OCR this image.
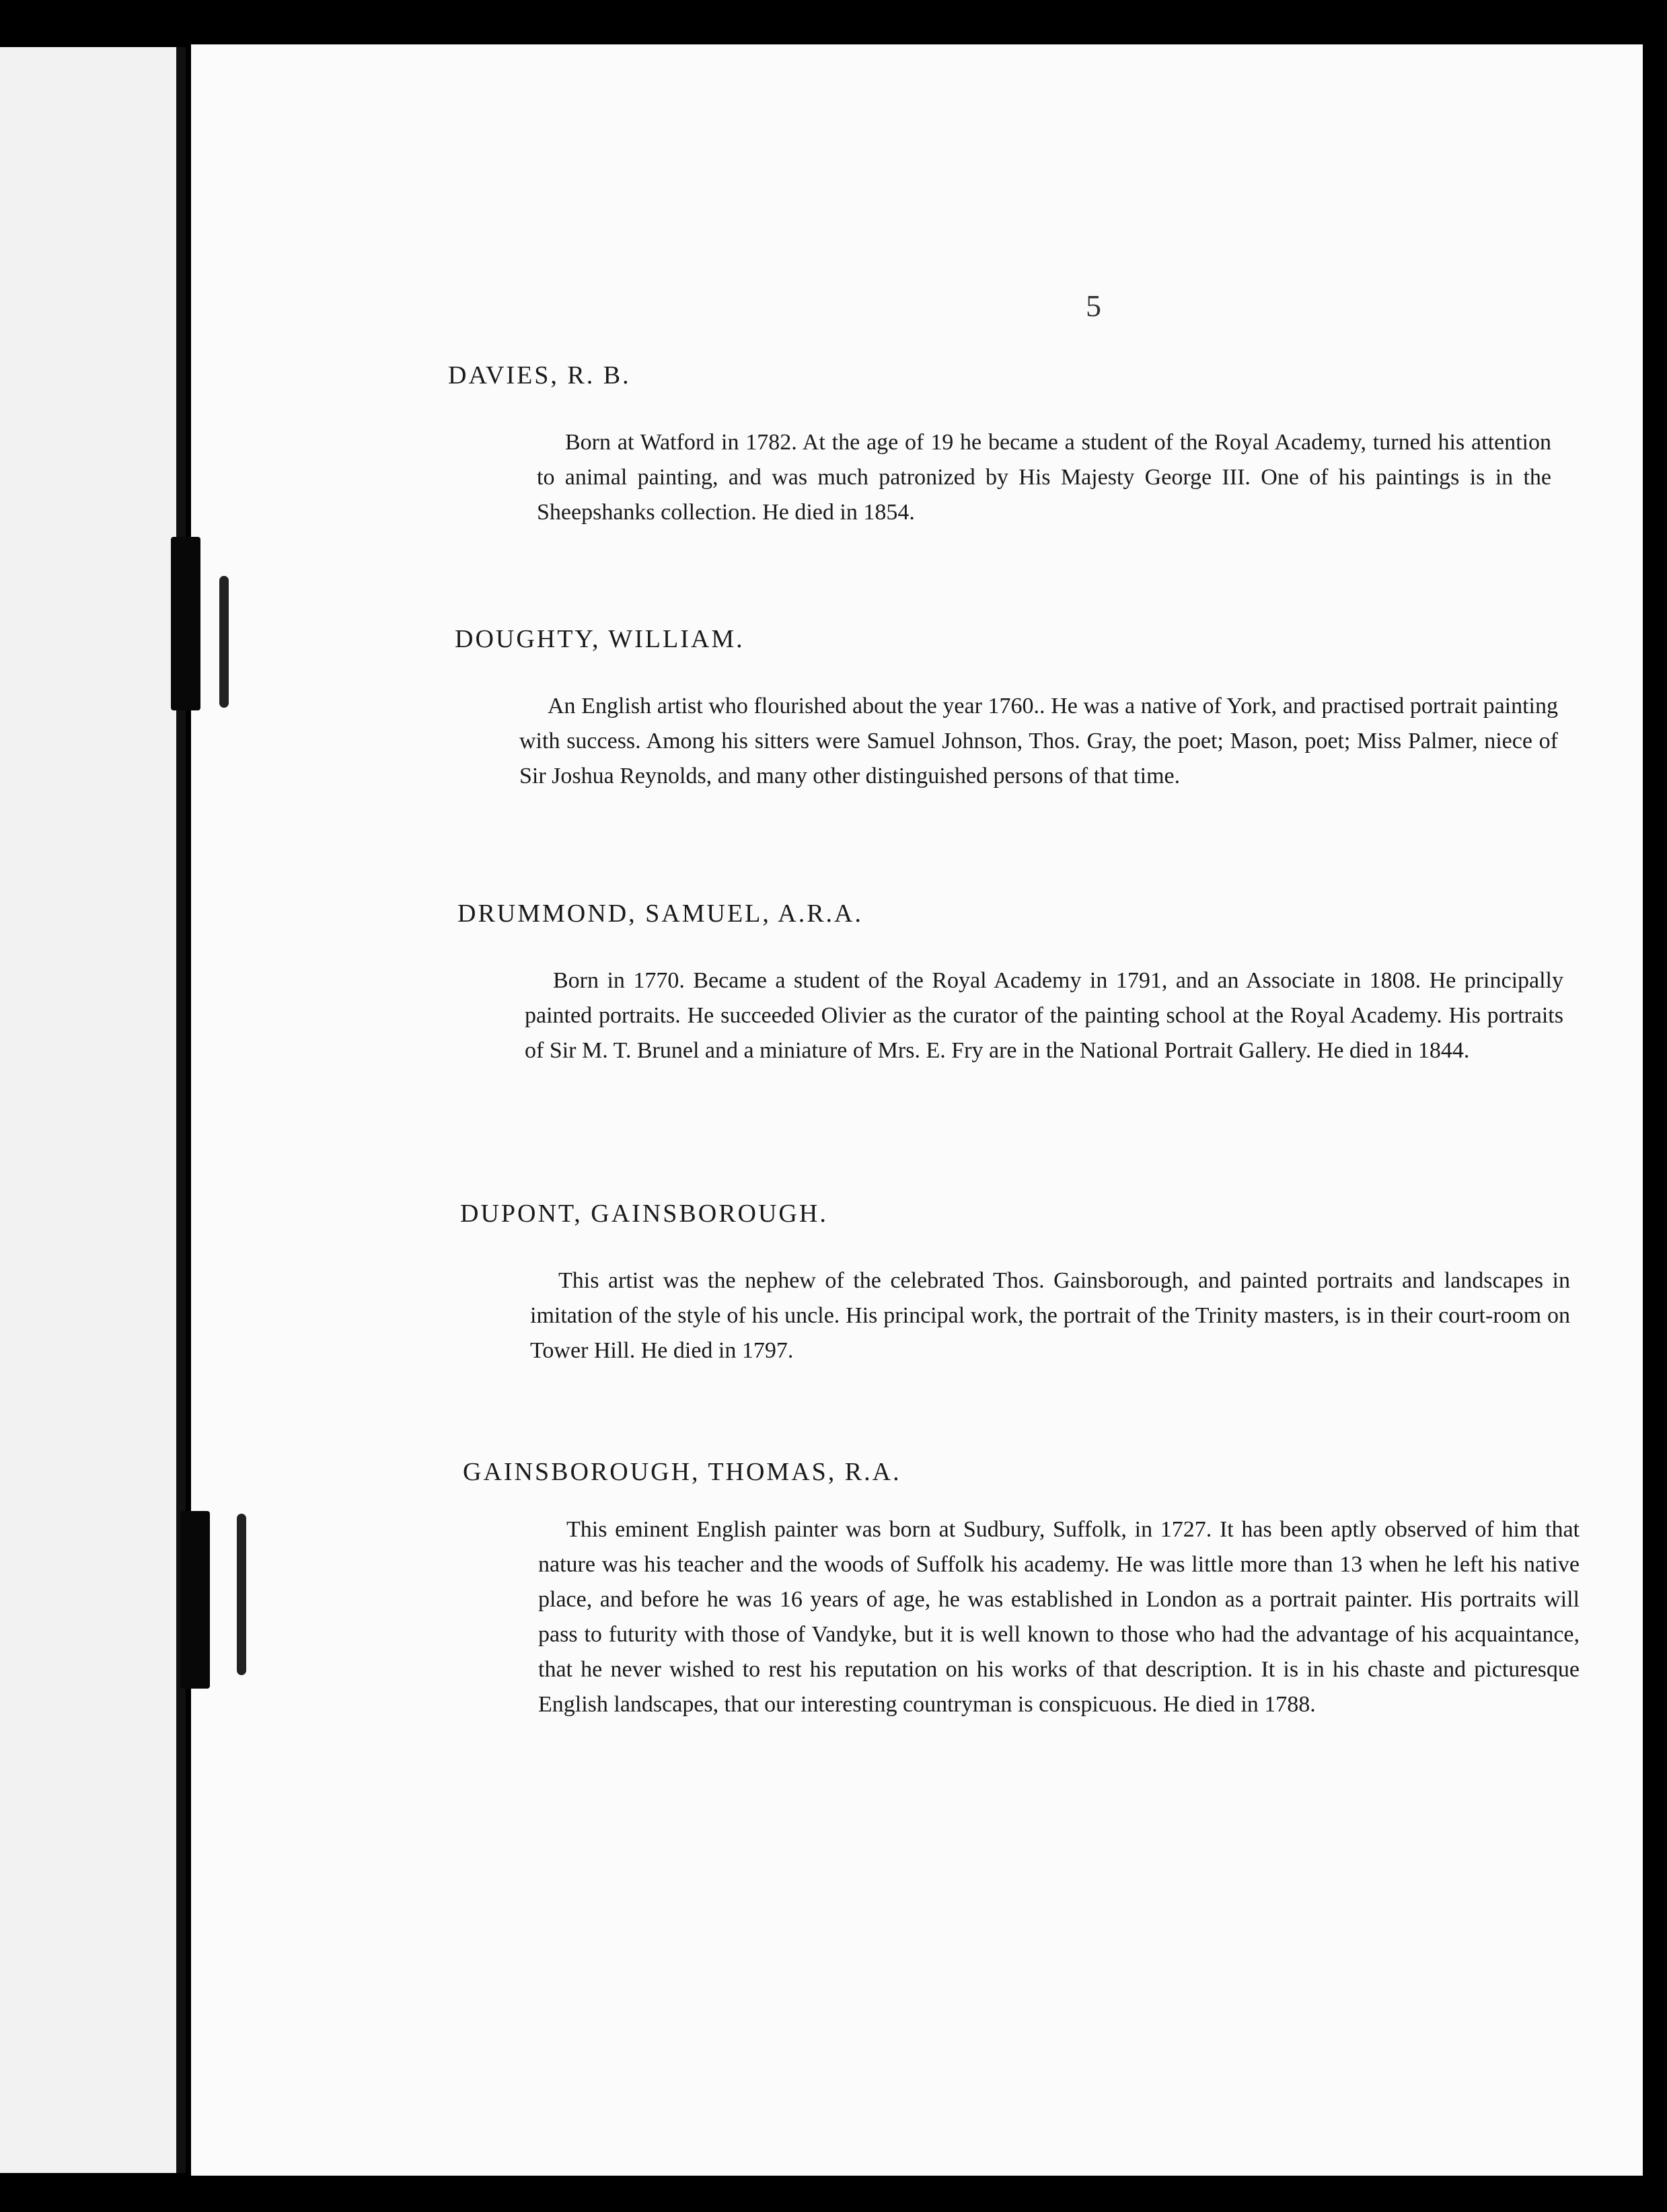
5
DAVIES, R. B.

Born at Watford in 1782. At the age of 19 he became a student of the Royal Academy, turned his attention to animal painting, and was much patronized by His Majesty George III. One of his paintings is in the Sheepshanks collection. He died in 1854.

DOUGHTY, WILLIAM.

An English artist who flourished about the year 1760.. He was a native of York, and practised portrait painting with success. Among his sitters were Samuel Johnson, Thos. Gray, the poet; Mason, poet; Miss Palmer, niece of Sir Joshua Reynolds, and many other distinguished persons of that time.

DRUMMOND, SAMUEL, A.R.A.

Born in 1770. Became a student of the Royal Academy in 1791, and an Associate in 1808. He principally painted portraits. He succeeded Olivier as the curator of the painting school at the Royal Academy. His portraits of Sir M. T. Brunel and a miniature of Mrs. E. Fry are in the National Portrait Gallery. He died in 1844.

DUPONT, GAINSBOROUGH.

This artist was the nephew of the celebrated Thos. Gainsborough, and painted portraits and landscapes in imitation of the style of his uncle. His principal work, the portrait of the Trinity masters, is in their court-room on Tower Hill. He died in 1797.

GAINSBOROUGH, THOMAS, R.A.

This eminent English painter was born at Sudbury, Suffolk, in 1727. It has been aptly observed of him that nature was his teacher and the woods of Suffolk his academy. He was little more than 13 when he left his native place, and before he was 16 years of age, he was established in London as a portrait painter. His portraits will pass to futurity with those of Vandyke, but it is well known to those who had the advantage of his acquaintance, that he never wished to rest his reputation on his works of that description. It is in his chaste and picturesque English landscapes, that our interesting countryman is conspicuous. He died in 1788.
